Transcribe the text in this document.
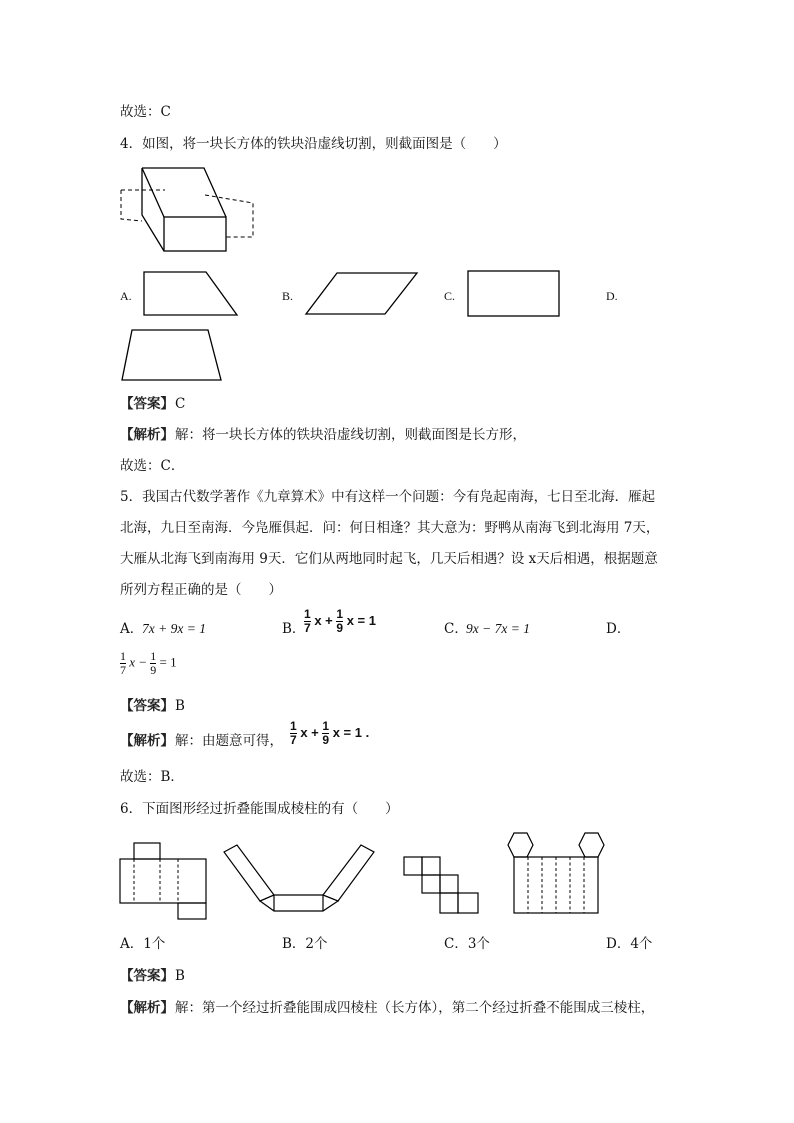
故选：C
4．如图，将一块长方体的铁块沿虚线切割，则截面图是（　　）
A.	B.	C.	D.
【答案】 C
【解析】 解：将一块长方体的铁块沿虚线切割，则截面图是长方形，
故选：C．
5．我国古代数学著作《九章算术》中有这样一个问题：今有凫起南海，七日至北海．雁起
北海，九日至南海．今凫雁俱起．问：何日相逢？其大意为：野鸭从南海飞到北海用 7天，
大雁从北海飞到南海用 9天．它们从两地同时起飞，几天后相遇？设 x天后相遇，根据题意
所列方程正确的是（　　）
A．
7x + 9x = 1	B．
$\frac{1}{7}$ $x + \frac{1}{9}$ x = 1
C．
9x − 7x = 1	D．
$\frac{1}{7}$ $x - \frac{1}{9} = 1$
【答案】 B
【解析】 解：由题意可得， $\frac{1}{7}$ $x + \frac{1}{9}$ x = 1 .
故选：B．
6．下面图形经过折叠能围成棱柱的有（　　）
A．1个	B．2个	C．3个	D．4个
【答案】 B
【解析】 解：第一个经过折叠能围成四棱柱（长方体），第二个经过折叠不能围成三棱柱，
